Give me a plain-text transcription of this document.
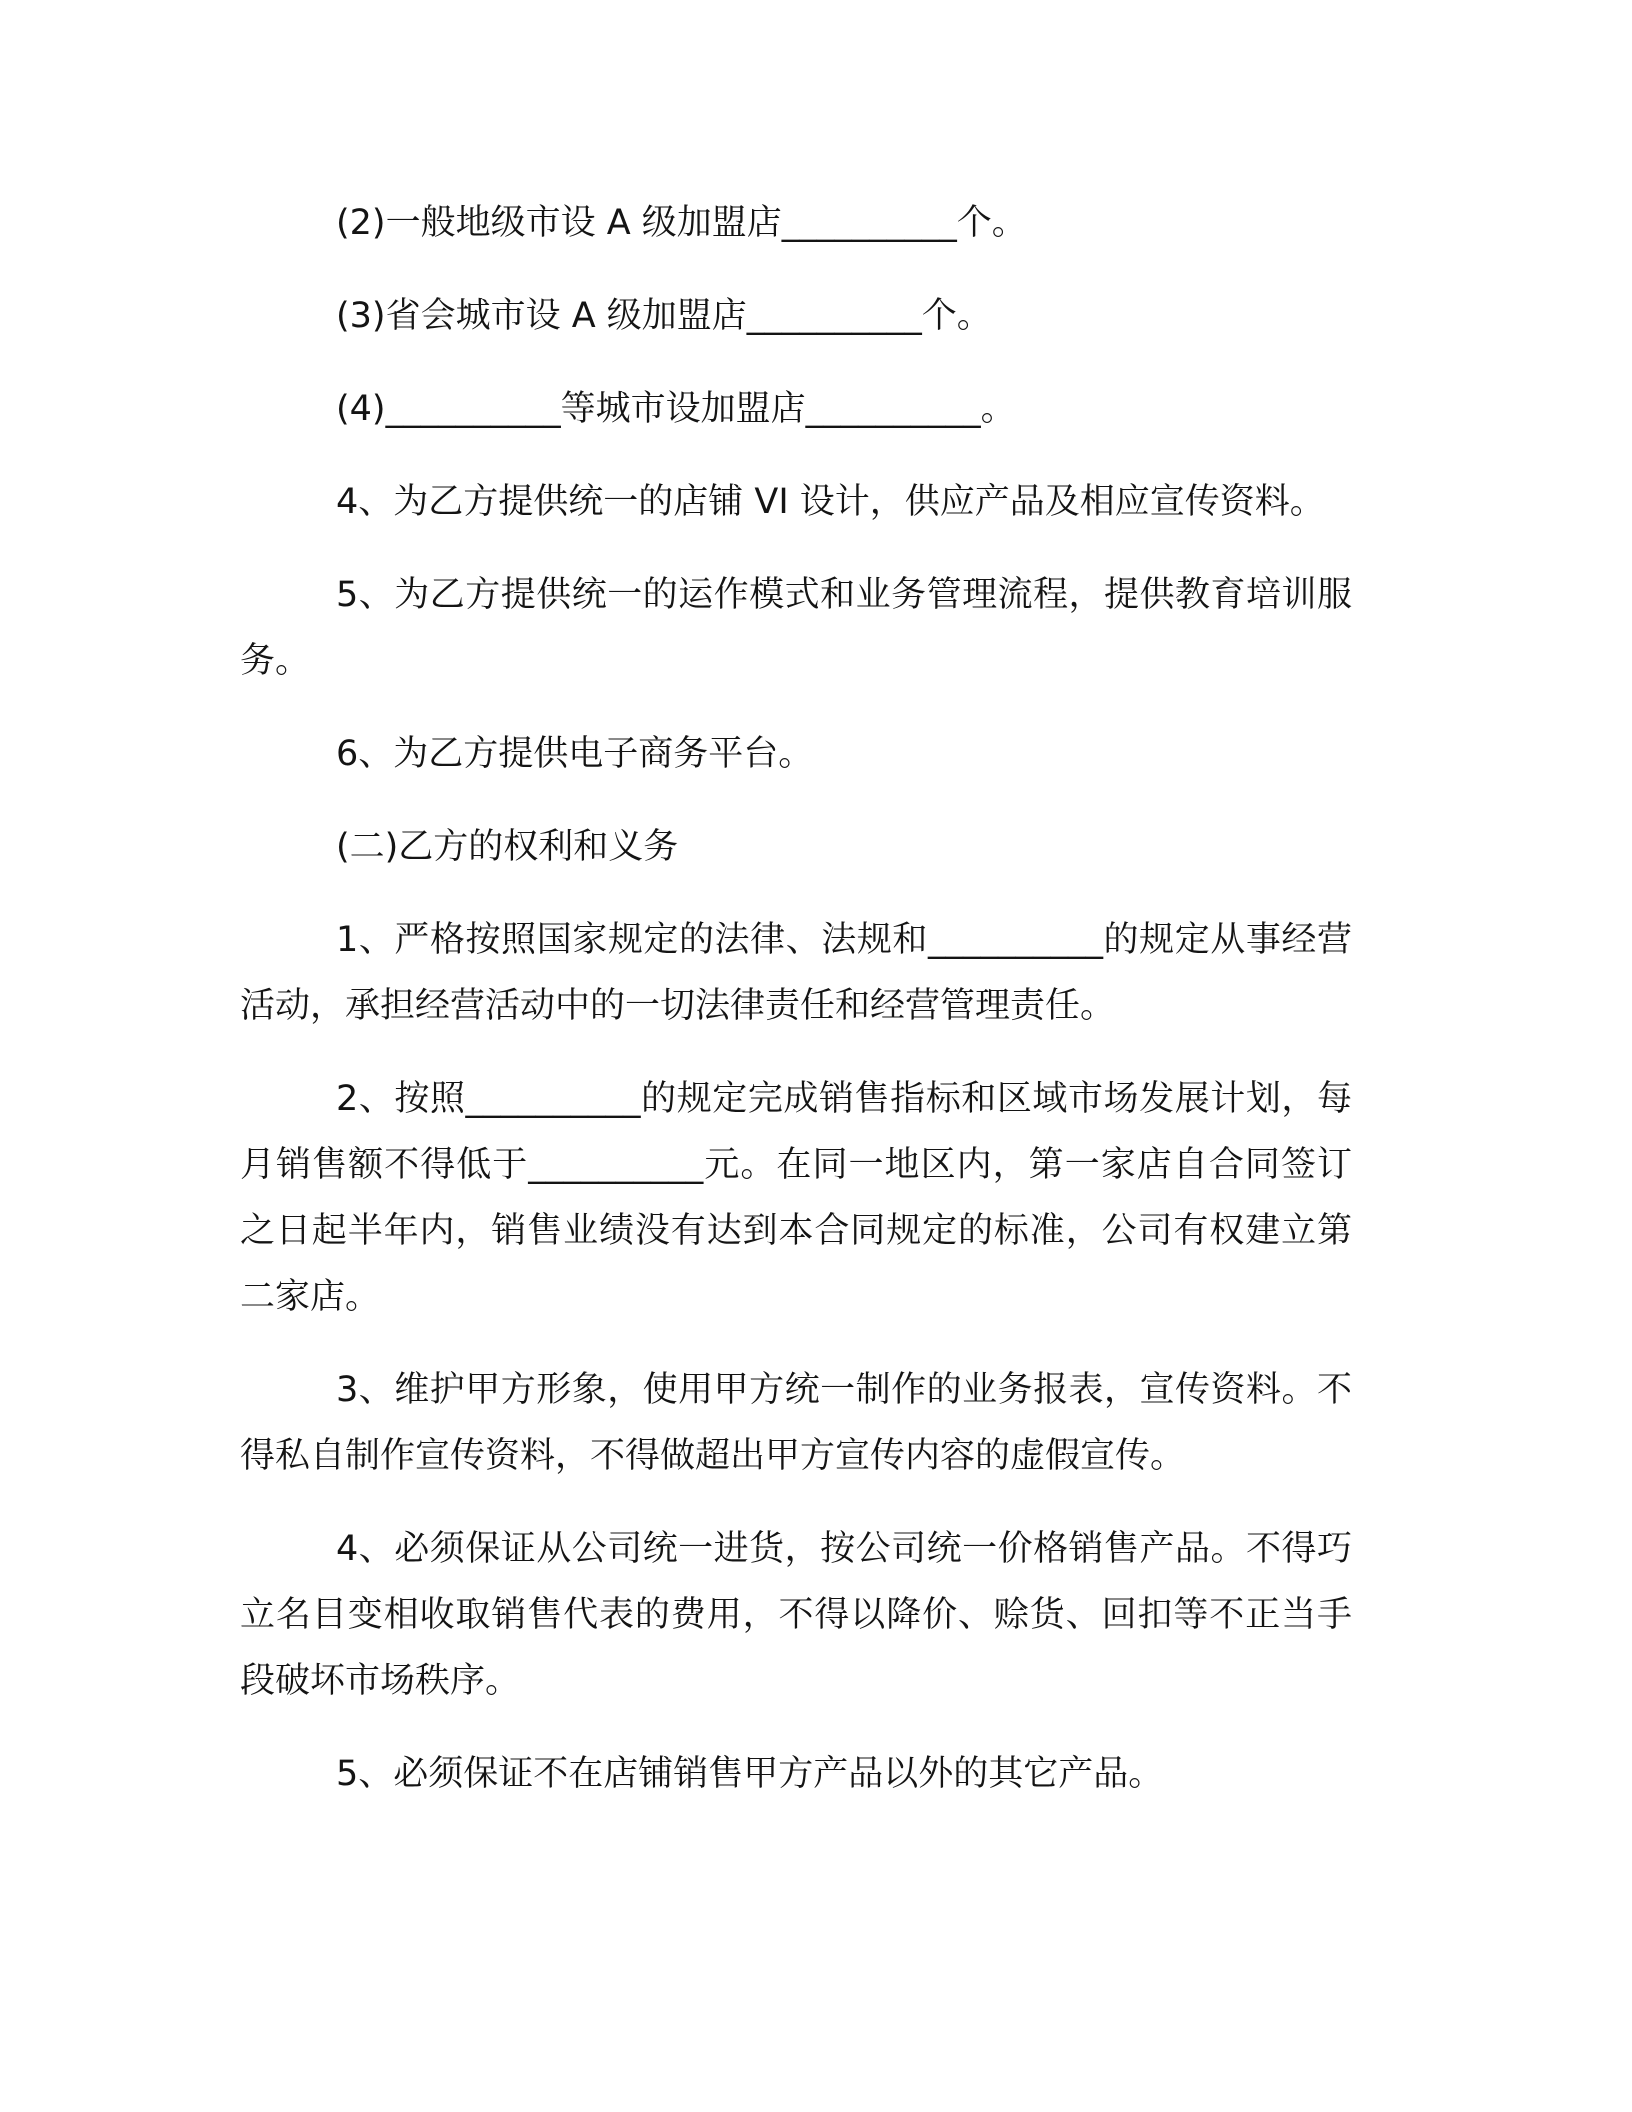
(2)一般地级市设 A 级加盟店__________个。

(3)省会城市设 A 级加盟店__________个。

(4)__________等城市设加盟店__________。

4、为乙方提供统一的店铺 VI 设计，供应产品及相应宣传资料。

5、为乙方提供统一的运作模式和业务管理流程，提供教育培训服务。

6、为乙方提供电子商务平台。

(二)乙方的权利和义务

1、严格按照国家规定的法律、法规和__________的规定从事经营活动，承担经营活动中的一切法律责任和经营管理责任。

2、按照__________的规定完成销售指标和区域市场发展计划，每月销售额不得低于__________元。在同一地区内，第一家店自合同签订之日起半年内，销售业绩没有达到本合同规定的标准，公司有权建立第二家店。

3、维护甲方形象，使用甲方统一制作的业务报表，宣传资料。不得私自制作宣传资料，不得做超出甲方宣传内容的虚假宣传。

4、必须保证从公司统一进货，按公司统一价格销售产品。不得巧立名目变相收取销售代表的费用，不得以降价、赊货、回扣等不正当手段破坏市场秩序。

5、必须保证不在店铺销售甲方产品以外的其它产品。
